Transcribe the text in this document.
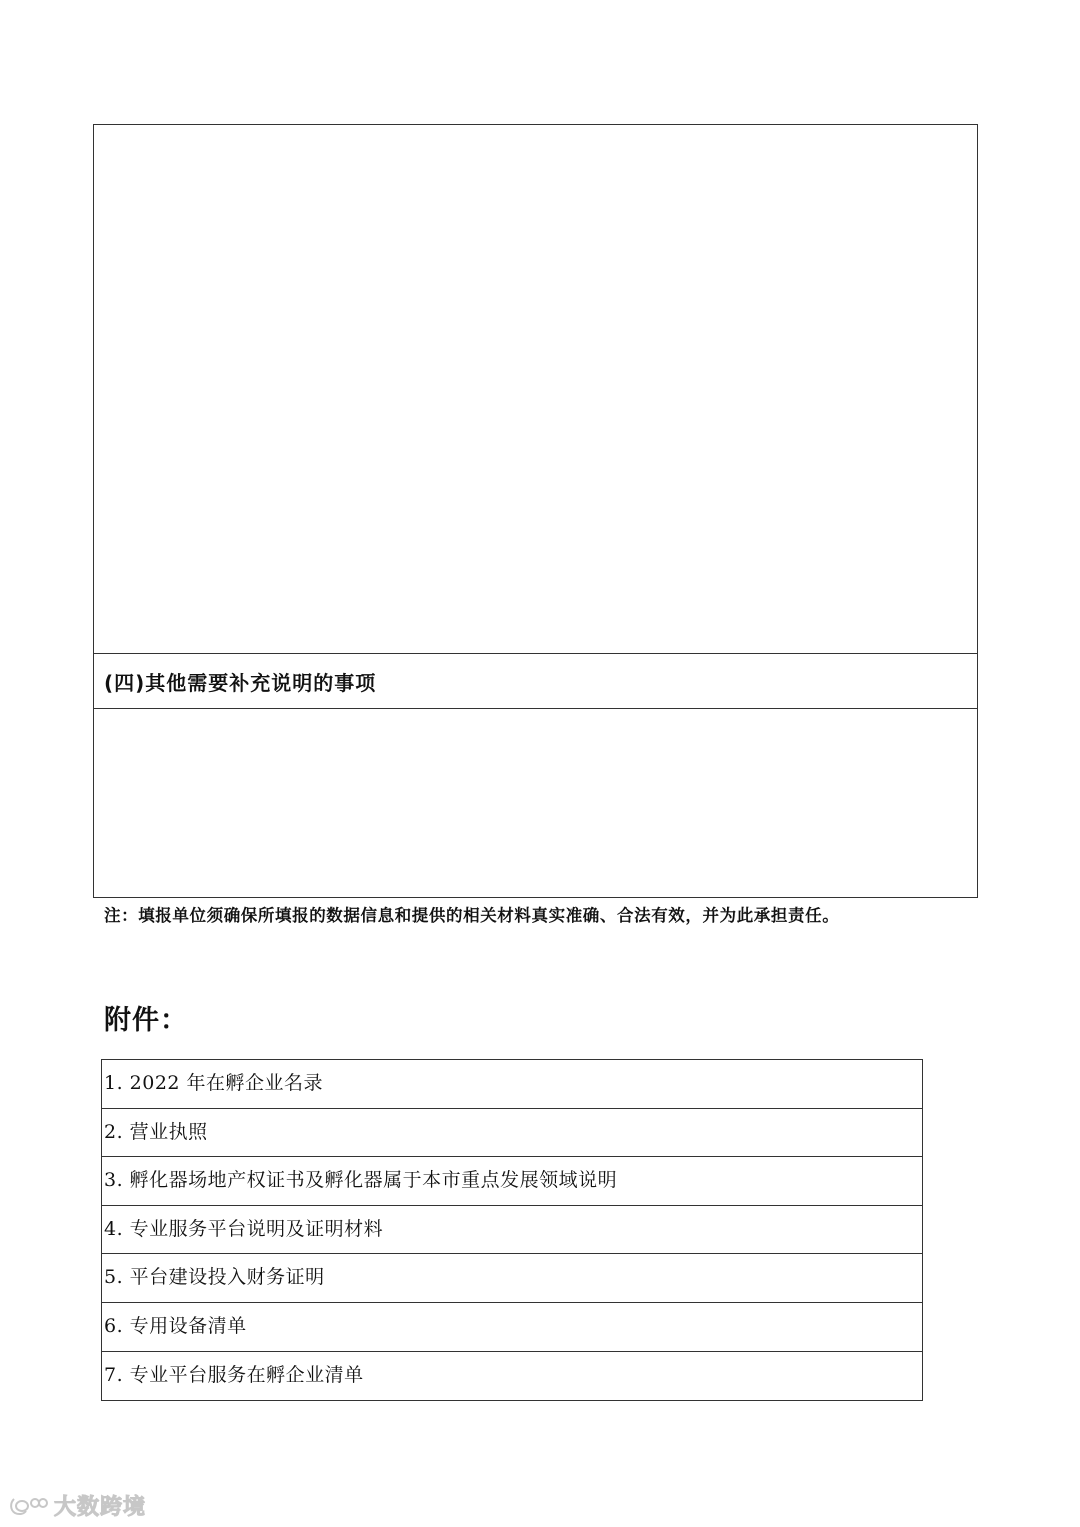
(四)其他需要补充说明的事项
注：填报单位须确保所填报的数据信息和提供的相关材料真实准确、合法有效，并为此承担责任。
附件：
1. 2022 年在孵企业名录
2. 营业执照
3. 孵化器场地产权证书及孵化器属于本市重点发展领域说明
4. 专业服务平台说明及证明材料
5. 平台建设投入财务证明
6. 专用设备清单
7. 专业平台服务在孵企业清单
大数跨境
